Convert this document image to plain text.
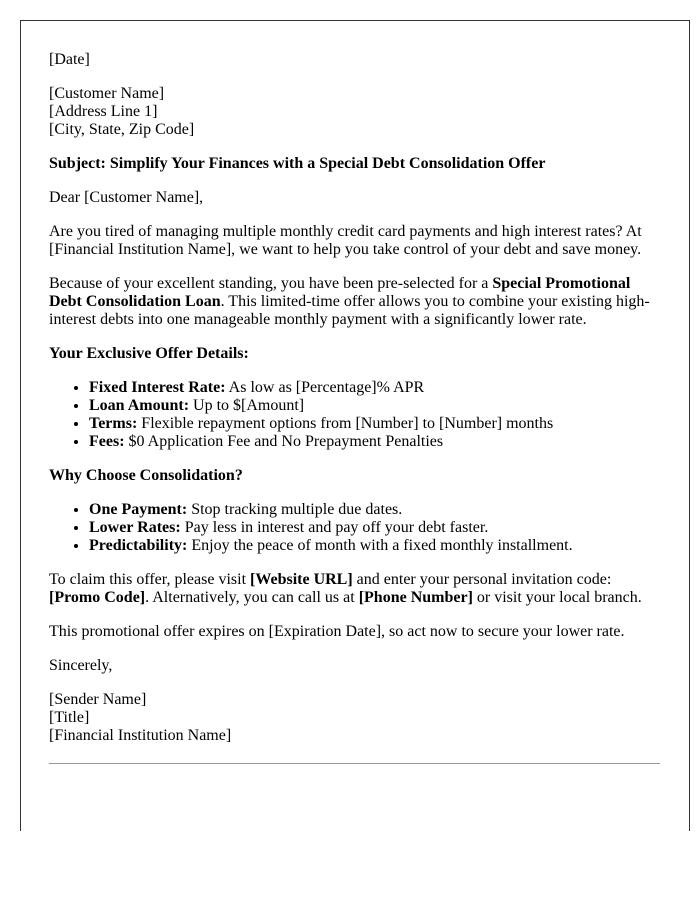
[Date]

[Customer Name]
[Address Line 1]
[City, State, Zip Code]

Subject: Simplify Your Finances with a Special Debt Consolidation Offer

Dear [Customer Name],

Are you tired of managing multiple monthly credit card payments and high interest rates? At [Financial Institution Name], we want to help you take control of your debt and save money.

Because of your excellent standing, you have been pre-selected for a Special Promotional Debt Consolidation Loan. This limited-time offer allows you to combine your existing high-interest debts into one manageable monthly payment with a significantly lower rate.

Your Exclusive Offer Details:

• Fixed Interest Rate: As low as [Percentage]% APR
• Loan Amount: Up to $[Amount]
• Terms: Flexible repayment options from [Number] to [Number] months
• Fees: $0 Application Fee and No Prepayment Penalties

Why Choose Consolidation?

• One Payment: Stop tracking multiple due dates.
• Lower Rates: Pay less in interest and pay off your debt faster.
• Predictability: Enjoy the peace of month with a fixed monthly installment.

To claim this offer, please visit [Website URL] and enter your personal invitation code: [Promo Code]. Alternatively, you can call us at [Phone Number] or visit your local branch.

This promotional offer expires on [Expiration Date], so act now to secure your lower rate.

Sincerely,

[Sender Name]
[Title]
[Financial Institution Name]
